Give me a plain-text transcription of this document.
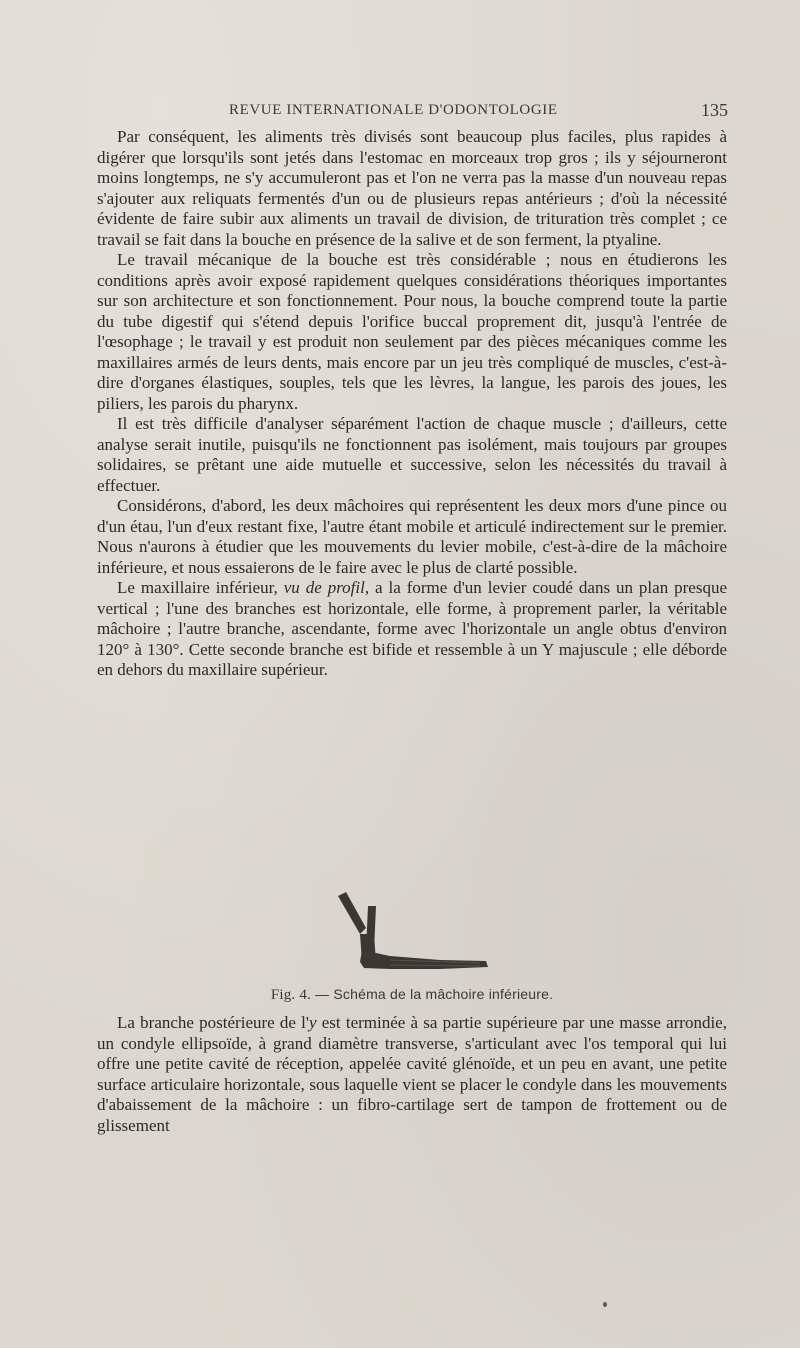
REVUE INTERNATIONALE D'ODONTOLOGIE	135

Par conséquent, les aliments très divisés sont beaucoup plus faciles, plus rapides à digérer que lorsqu'ils sont jetés dans l'estomac en morceaux trop gros ; ils y séjourneront moins longtemps, ne s'y accumuleront pas et l'on ne verra pas la masse d'un nouveau repas s'ajouter aux reliquats fermentés d'un ou de plusieurs repas antérieurs ; d'où la nécessité évidente de faire subir aux aliments un travail de division, de trituration très complet ; ce travail se fait dans la bouche en présence de la salive et de son ferment, la ptyaline.

Le travail mécanique de la bouche est très considérable ; nous en étudierons les conditions après avoir exposé rapidement quelques considérations théoriques importantes sur son architecture et son fonctionnement. Pour nous, la bouche comprend toute la partie du tube digestif qui s'étend depuis l'orifice buccal proprement dit, jusqu'à l'entrée de l'œsophage ; le travail y est produit non seulement par des pièces mécaniques comme les maxillaires armés de leurs dents, mais encore par un jeu très compliqué de muscles, c'est-à-dire d'organes élastiques, souples, tels que les lèvres, la langue, les parois des joues, les piliers, les parois du pharynx.

Il est très difficile d'analyser séparément l'action de chaque muscle ; d'ailleurs, cette analyse serait inutile, puisqu'ils ne fonctionnent pas isolément, mais toujours par groupes solidaires, se prêtant une aide mutuelle et successive, selon les nécessités du travail à effectuer.

Considérons, d'abord, les deux mâchoires qui représentent les deux mors d'une pince ou d'un étau, l'un d'eux restant fixe, l'autre étant mobile et articulé indirectement sur le premier. Nous n'aurons à étudier que les mouvements du levier mobile, c'est-à-dire de la mâchoire inférieure, et nous essaierons de le faire avec le plus de clarté possible.

Le maxillaire inférieur, vu de profil, a la forme d'un levier coudé dans un plan presque vertical ; l'une des branches est horizontale, elle forme, à proprement parler, la véritable mâchoire ; l'autre branche, ascendante, forme avec l'horizontale un angle obtus d'environ 120° à 130°. Cette seconde branche est bifide et ressemble à un Y majuscule ; elle déborde en dehors du maxillaire supérieur.

Fig. 4. — Schéma de la mâchoire inférieure.

La branche postérieure de l'y est terminée à sa partie supérieure par une masse arrondie, un condyle ellipsoïde, à grand diamètre transverse, s'articulant avec l'os temporal qui lui offre une petite cavité de réception, appelée cavité glénoïde, et un peu en avant, une petite surface articulaire horizontale, sous laquelle vient se placer le condyle dans les mouvements d'abaissement de la mâchoire : un fibro-cartilage sert de tampon de frottement ou de glissement
